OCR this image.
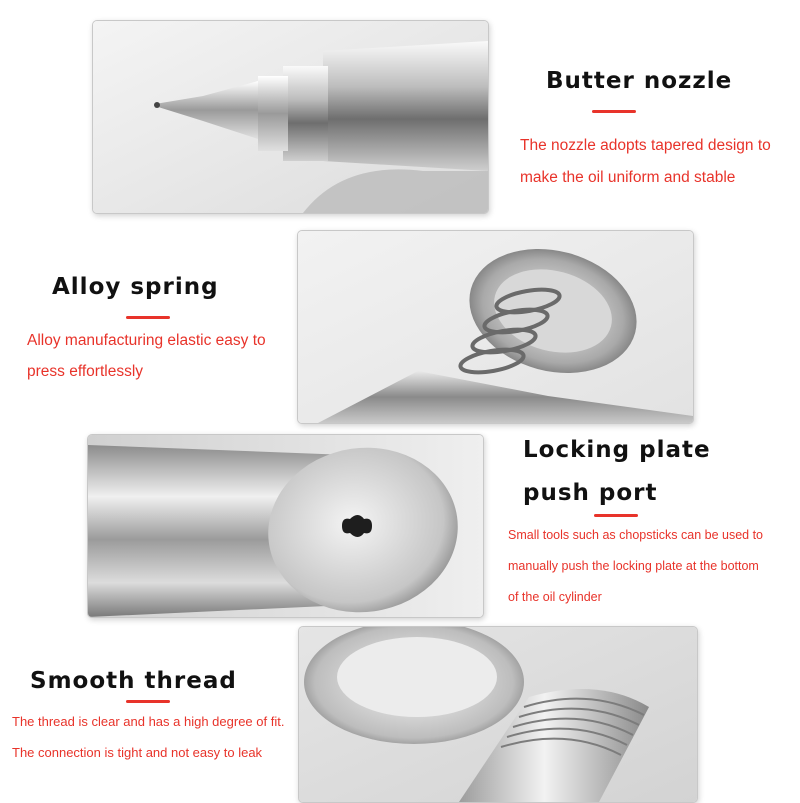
Butter nozzle

The nozzle adopts tapered design to

make the oil uniform and stable

Alloy spring

Alloy manufacturing elastic easy to

press effortlessly

Locking plate
push port

Small tools such as chopsticks can be used to

manually push the locking plate at the bottom

of the oil cylinder

Smooth thread

The thread is clear and has a high degree of fit.

The connection is tight and not easy to leak
